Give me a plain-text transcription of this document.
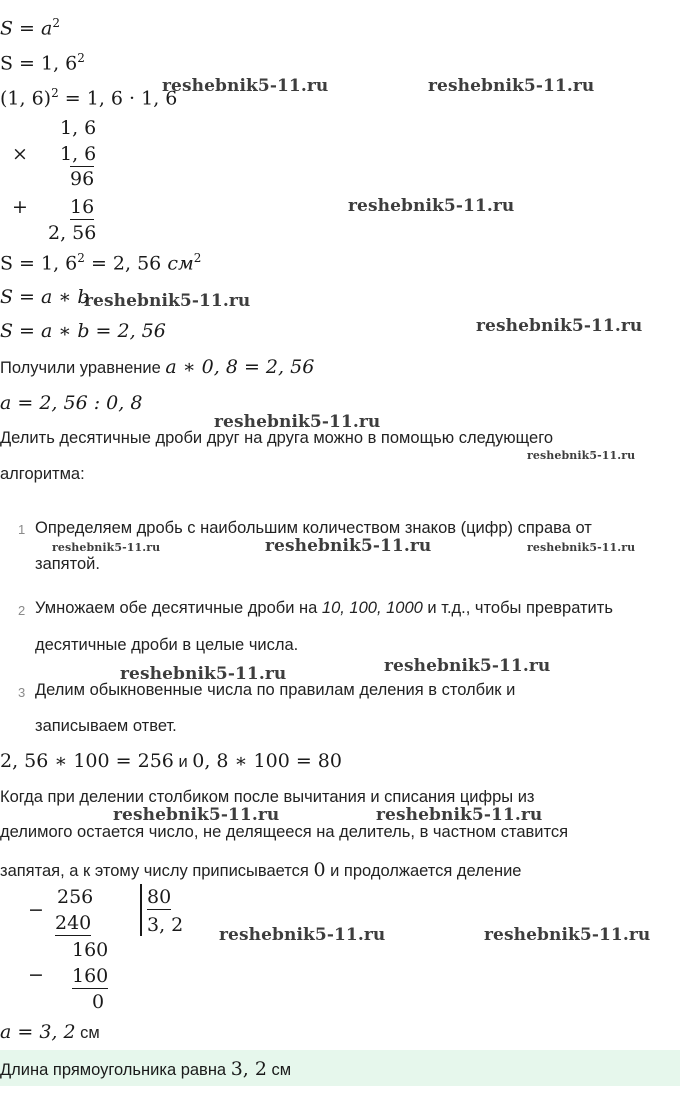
reshebnik5-11.ru	reshebnik5-11.ru
reshebnik5-11.ru
reshebnik5-11.ru
reshebnik5-11.ru
reshebnik5-11.ru
reshebnik5-11.ru
reshebnik5-11.ru	reshebnik5-11.ru	reshebnik5-11.ru
reshebnik5-11.ru	reshebnik5-11.ru
reshebnik5-11.ru	reshebnik5-11.ru
reshebnik5-11.ru	reshebnik5-11.ru
$S = a^2$
S = 1, $6^2$
(1, 6)$^2$ = 1, 6 · 1, 6
1, 6
× 1, 6
96
+ 16
2, 56
S = 1, $6^2 = 2$, 56 $см^2$
S = a ∗ b
S = a ∗ b = 2, 56
Получили уравнение a ∗ 0, 8 = 2, 56
a = 2, 56 : 0, 8
Делить десятичные дроби друг на друга можно в помощью следующего
алгоритма:
1 Определяем дробь с наибольшим количеством знаков (цифр) справа от
запятой.
2 Умножаем обе десятичные дроби на 10, 100, 1000 и т.д., чтобы превратить
десятичные дроби в целые числа.
3 Делим обыкновенные числа по правилам деления в столбик и
записываем ответ.
2, 56 ∗ 100 = 256 и 0, 8 ∗ 100 = 80
Когда при делении столбиком после вычитания и списания цифры из
делимого остается число, не делящееся на делитель, в частном ставится
запятая, а к этому числу приписывается 0 и продолжается деление
−
256
240
80
3, 2
160
− 160
0
a = 3, 2 см
Длина прямоугольника равна 3, 2 см
